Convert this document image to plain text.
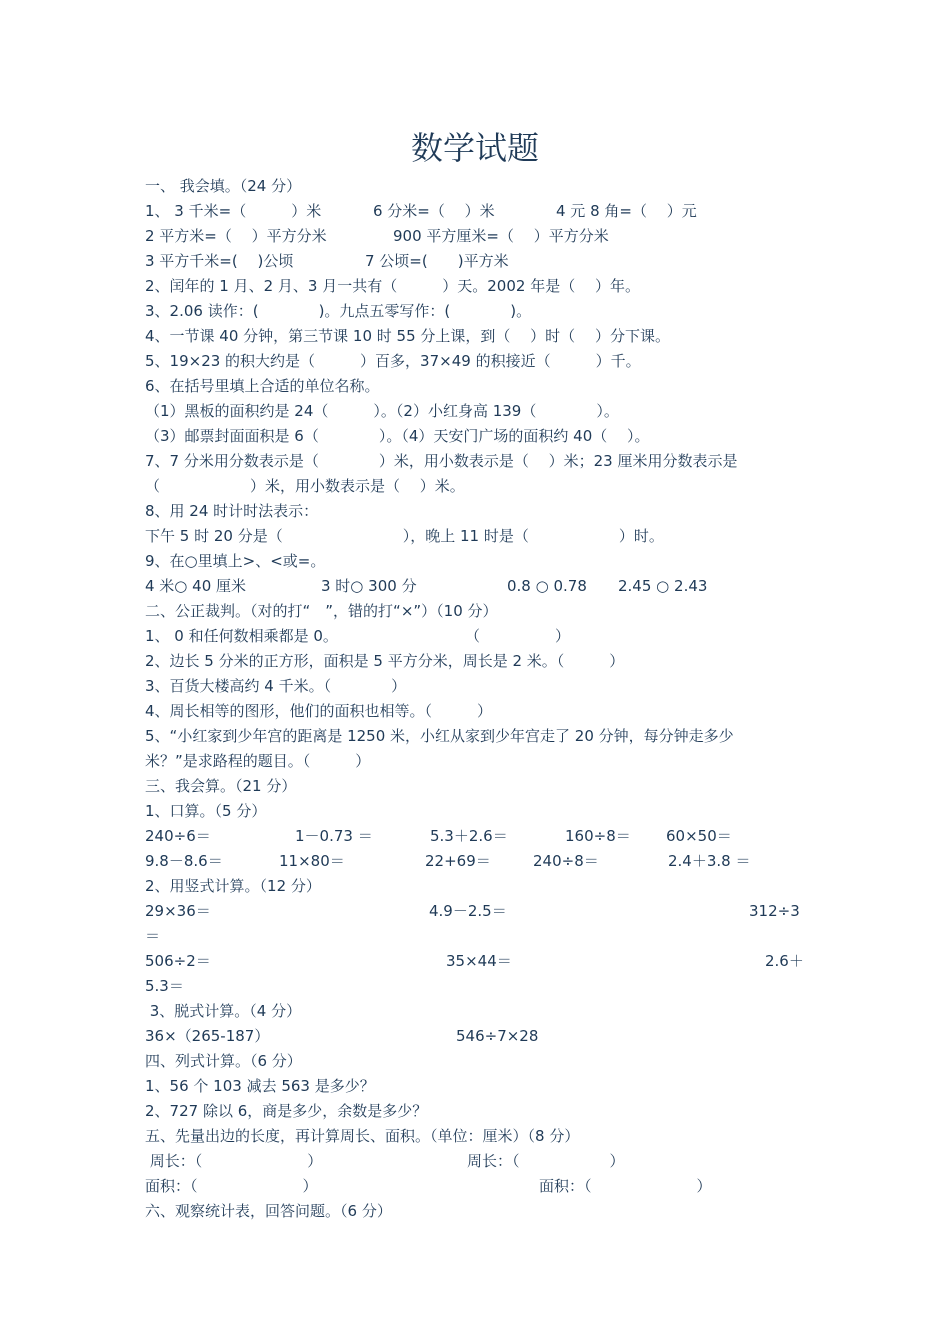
数学试题
一、 我会填。（24 分）
1、 3 千米=（　　　）米	6 分米=（　 ）米	4 元 8 角=（　 ）元
2 平方米=（　 ）平方分米	900 平方厘米=（　 ）平方分米
3 平方千米=(　 )公顷	7 公顷=(　　)平方米
2、闰年的 1 月、2 月、3 月一共有（　　　）天。2002 年是（　 ）年。
3、2.06 读作：(　　　　)。九点五零写作：(　　　　)。
4、一节课 40 分钟，第三节课 10 时 55 分上课，到（　 ）时（　 ）分下课。
5、19×23 的积大约是（　　　）百多，37×49 的积接近（　　　）千。
6、在括号里填上合适的单位名称。
（1）黑板的面积约是 24（　　　）。（2）小红身高 139（　　　　）。
（3）邮票封面面积是 6（　　　　）。（4）天安门广场的面积约 40（　 ）。
7、7 分米用分数表示是（　　　　）米，用小数表示是（　 ）米；23 厘米用分数表示是
（　　　　　　）米，用小数表示是（　 ）米。
8、用 24 时计时法表示：
下午 5 时 20 分是（　　　　　　　　），晚上 11 时是（　　　　　　）时。
9、在○里填上>、<或=。
4 米○ 40 厘米	3 时○ 300 分	0.8 ○ 0.78 2.45 ○ 2.43
二、公正裁判。（对的打“　”，错的打“×”）（10 分）
1、 0 和任何数相乘都是 0。	（　　　　　）
2、边长 5 分米的正方形，面积是 5 平方分米，周长是 2 米。（　　　）
3、百货大楼高约 4 千米。（　　　　）
4、周长相等的图形，他们的面积也相等。（　　　）
5、“小红家到少年宫的距离是 1250 米，小红从家到少年宫走了 20 分钟，每分钟走多少
米？”是求路程的题目。（　　　）
三、我会算。（21 分）
1、口算。（5 分）
240÷6＝	1－0.73 ＝	5.3＋2.6＝	160÷8＝ 60×50＝
9.8－8.6＝	11×80＝	22+69＝	240÷8＝	2.4＋3.8 ＝
2、用竖式计算。（12 分）
29×36＝	4.9－2.5＝	312÷3
＝
506÷2＝	35×44＝	2.6＋
5.3＝
3、脱式计算。（4 分）
36×（265-187）	546÷7×28
四、列式计算。（6 分）
1、56 个 103 减去 563 是多少？
2、727 除以 6，商是多少，余数是多少？
五、先量出边的长度，再计算周长、面积。（单位：厘米）（8 分）
周长：（　　　　　　　）	周长：（　　　　　　）
面积：（　　　　　　　）	面积：（　　　　　　　）
六、观察统计表，回答问题。（6 分）
